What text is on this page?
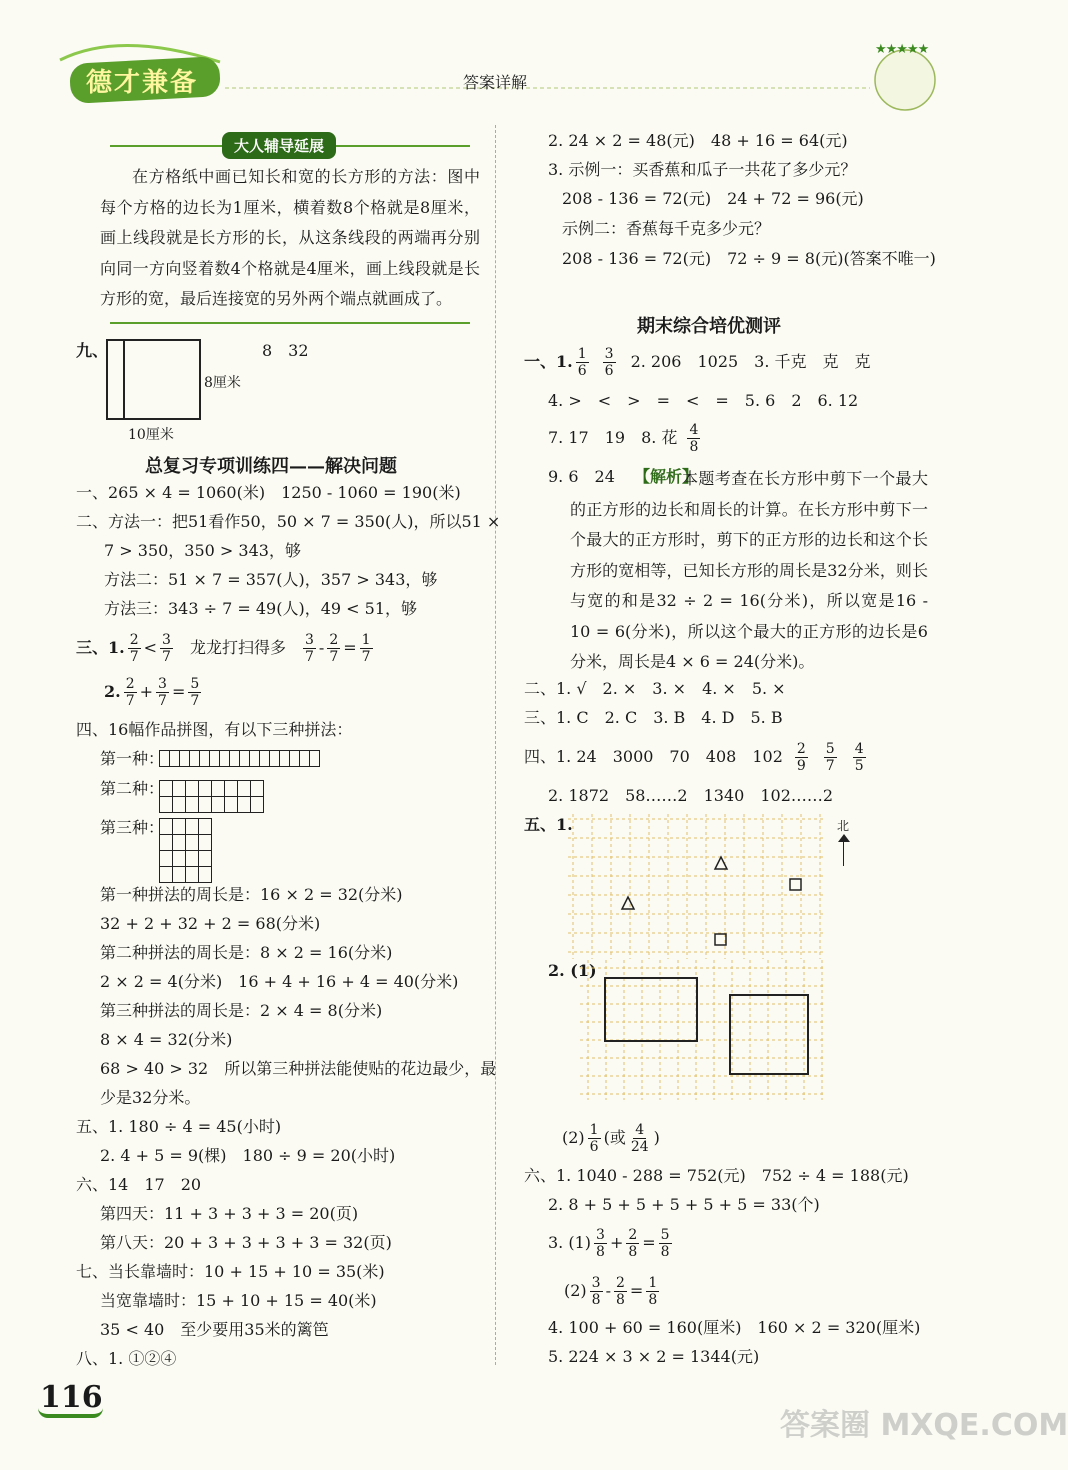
德才兼备	答案详解
★★★★★
大人辅导延展
在方格纸中画已知长和宽的长方形的方法：图中每个方格的边长为1厘米，横着数8个格就是8厘米，画上线段就是长方形的长，从这条线段的两端再分别向同一方向竖着数4个格就是4厘米，画上线段就是长方形的宽，最后连接宽的另外两个端点就画成了。
九、	8　32
8厘米
10厘米
总复习专项训练四——解决问题
一、265 × 4 = 1060(米)　1250 - 1060 = 190(米)
二、方法一：把51看作50，50 × 7 = 350(人)，所以51 ×
7 > 350，350 > 343，够
方法二：51 × 7 = 357(人)，357 > 343，够
方法三：343 ÷ 7 = 49(人)，49 < 51，够
三、1. $\frac{2}{7} < \frac{3}{7}$ 龙龙打扫得多 $\frac{3}{7} - \frac{2}{7} = \frac{1}{7}$
2. $\frac{2}{7} + \frac{3}{7} = \frac{5}{7}$
四、16幅作品拼图，有以下三种拼法：
第一种：
第二种：
第三种：
第一种拼法的周长是：16 × 2 = 32(分米)
32 + 2 + 32 + 2 = 68(分米)
第二种拼法的周长是：8 × 2 = 16(分米)
2 × 2 = 4(分米)　16 + 4 + 16 + 4 = 40(分米)
第三种拼法的周长是：2 × 4 = 8(分米)
8 × 4 = 32(分米)
68 > 40 > 32　所以第三种拼法能使贴的花边最少，最
少是32分米。
五、1. 180 ÷ 4 = 45(小时)
2. 4 + 5 = 9(棵)　180 ÷ 9 = 20(小时)
六、14　17　20
第四天：11 + 3 + 3 + 3 = 20(页)
第八天：20 + 3 + 3 + 3 + 3 = 32(页)
七、当长靠墙时：10 + 15 + 10 = 35(米)
当宽靠墙时：15 + 10 + 15 = 40(米)
35 < 40　至少要用35米的篱笆
八、1. ①②④
116
2. 24 × 2 = 48(元)　48 + 16 = 64(元)
3. 示例一：买香蕉和瓜子一共花了多少元？
208 - 136 = 72(元)　24 + 72 = 96(元)
示例二：香蕉每千克多少元？
208 - 136 = 72(元)　72 ÷ 9 = 8(元)(答案不唯一)
期末综合培优测评
一、1. $\frac{1}{6} \frac{3}{6} 2$. 206　1025　3. 千克　克　克
4. >　<　>　=　<　=　5. 6　2　6. 12
7. 17　19　8. 花 $\frac{4}{8}$
9. 6　24 【解析】
本题考查在长方形中剪下一个最大的正方形的边长和周长的计算。在长方形中剪下一个最大的正方形时，剪下的正方形的边长和这个长方形的宽相等，已知长方形的周长是32分米，则长与宽的和是32 ÷ 2 = 16(分米)，所以宽是16 - 10 = 6(分米)，所以这个最大的正方形的边长是6分米，周长是4 × 6 = 24(分米)。
二、1. √　2. ×　3. ×　4. ×　5. ×
三、1. C　2. C　3. B　4. D　5. B
四、1. 24　3000　70　408　$102 \frac{2}{9} \frac{5}{7} \frac{4}{5}$
2. 1872　58……2　1340　102……2
五、1.	北
2. (1)
$(2) \frac{1}{6}$ (或 $\frac{4}{24}$ )
六、1. 1040 - 288 = 752(元)　752 ÷ 4 = 188(元)
2. 8 + 5 + 5 + 5 + 5 + 5 = 33(个)
3. $(1) \frac{3}{8} + \frac{2}{8} = \frac{5}{8}$
$(2) \frac{3}{8} - \frac{2}{8} = \frac{1}{8}$
4. 100 + 60 = 160(厘米)　160 × 2 = 320(厘米)
5. 224 × 3 × 2 = 1344(元)
答案圈 MXQE.COM
